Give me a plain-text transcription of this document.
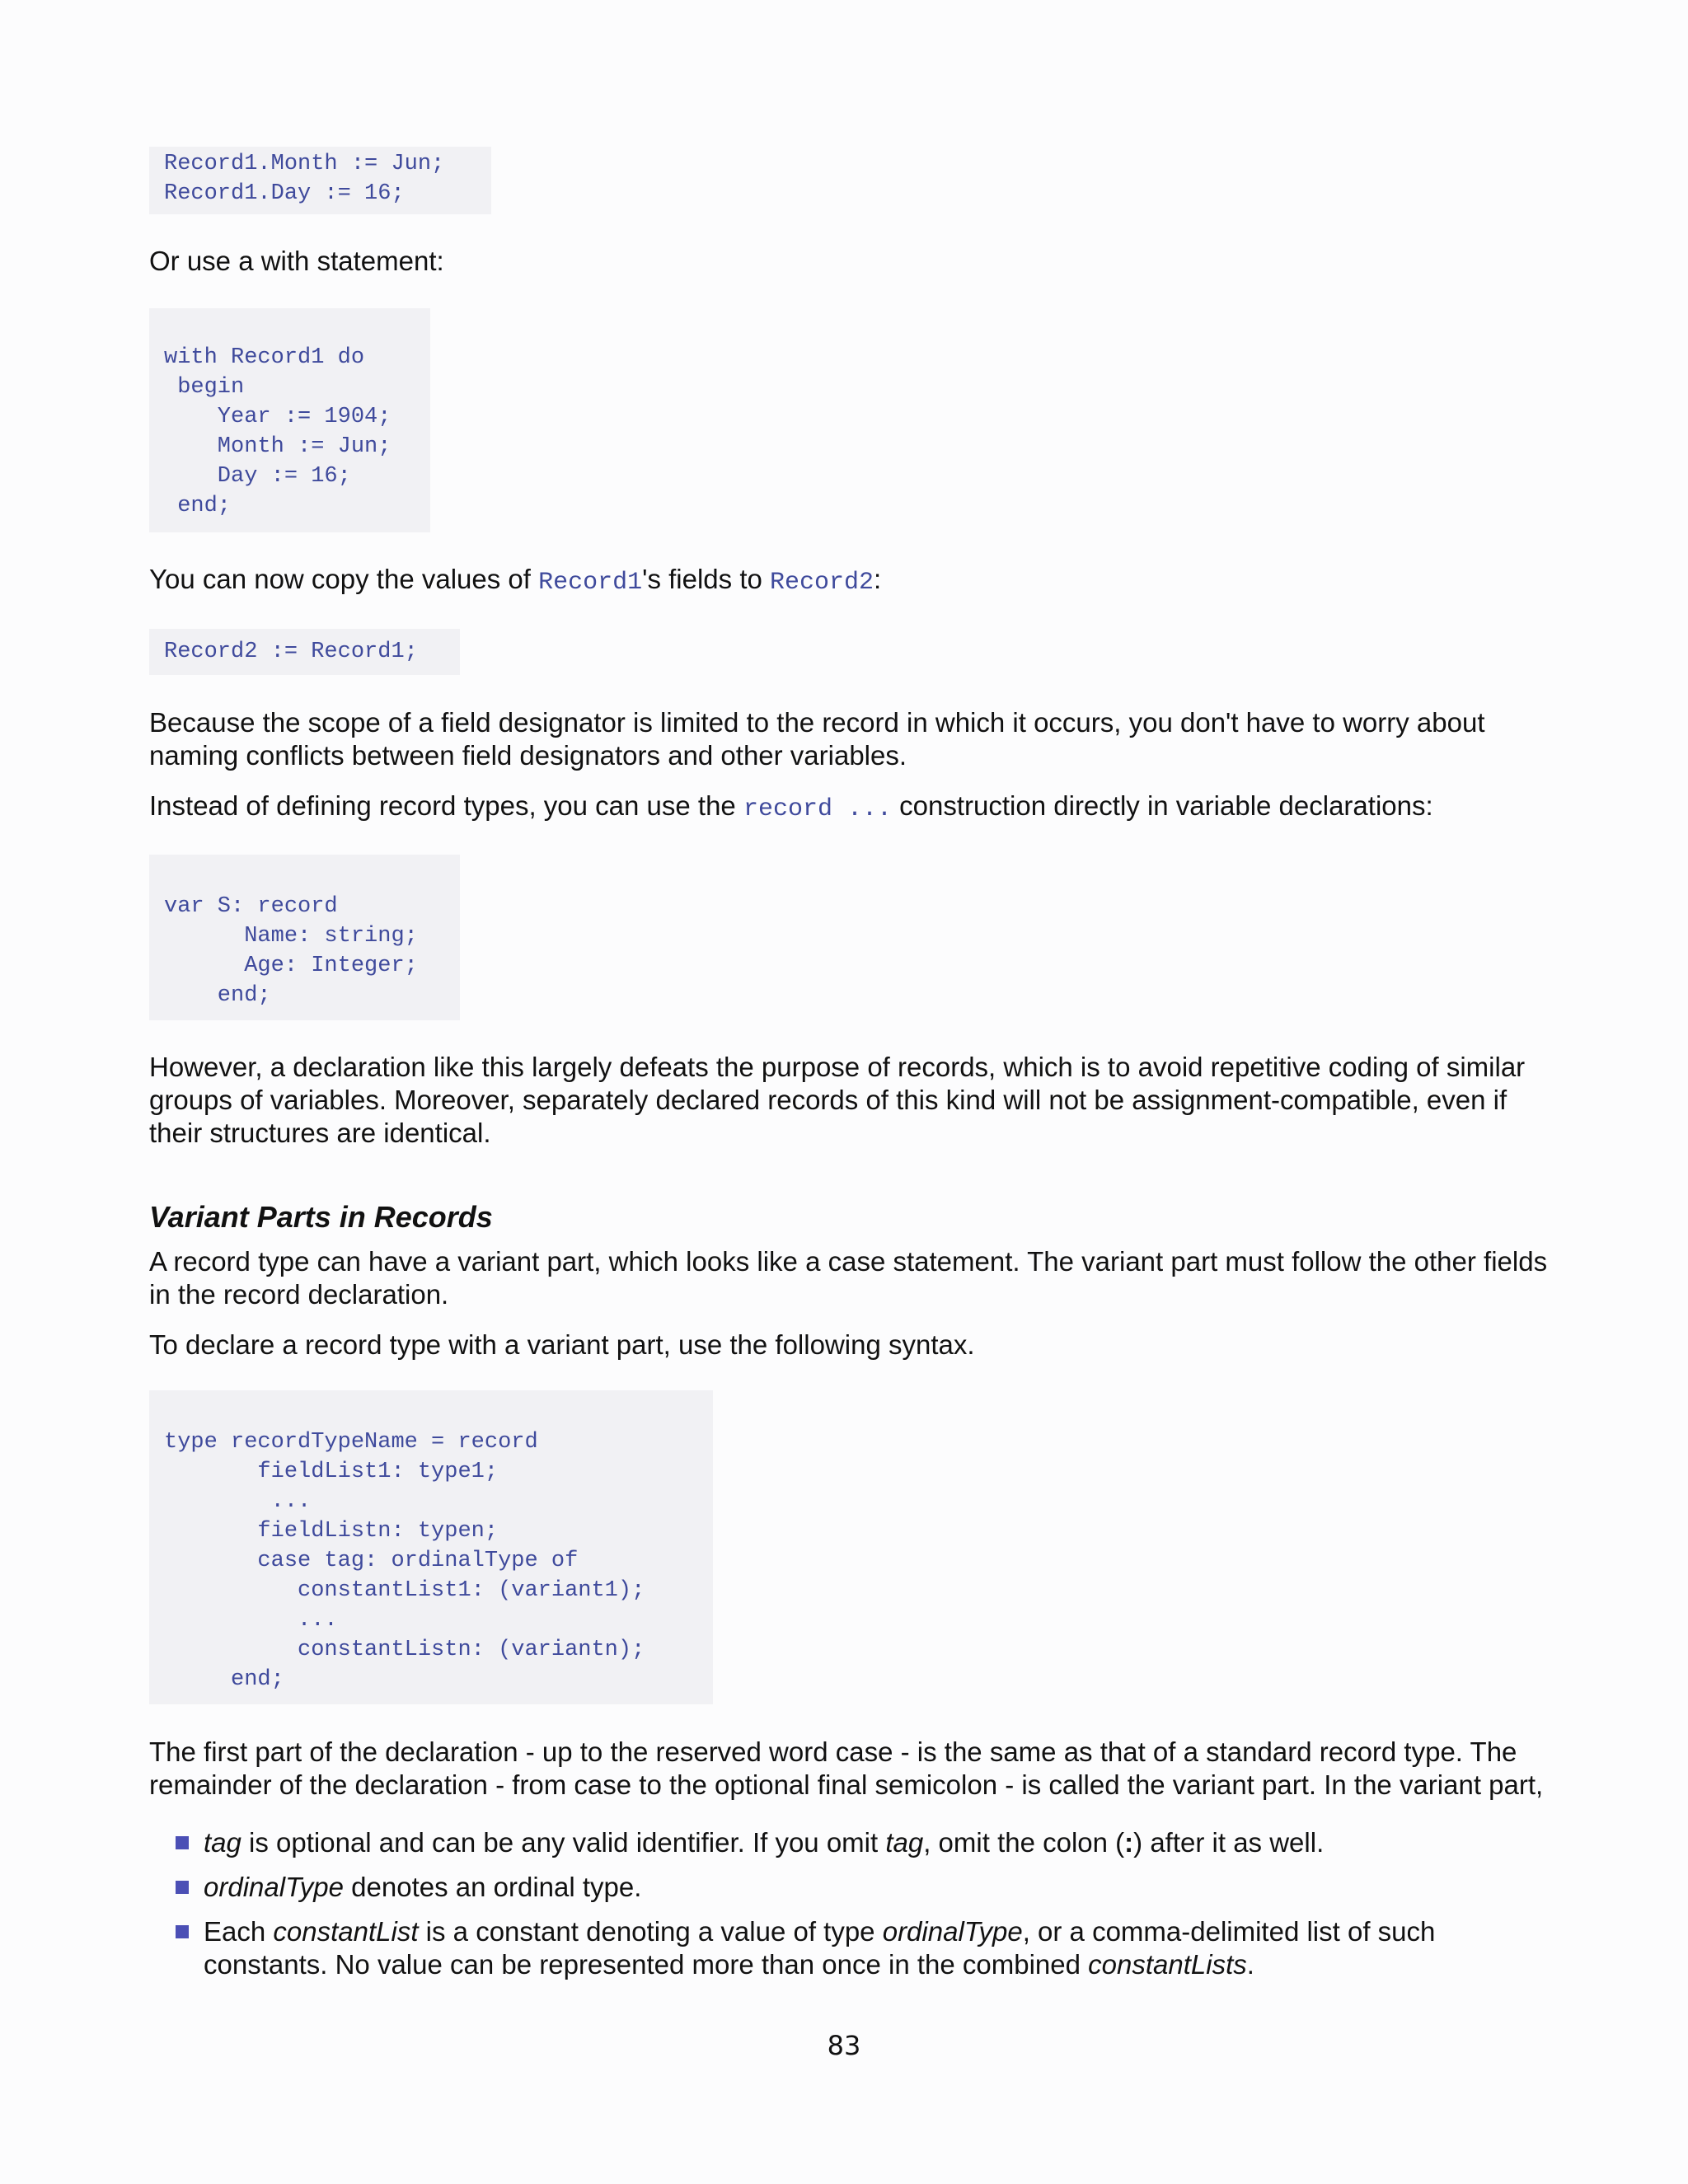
Record1.Month := Jun;
Record1.Day := 16;
Or use a with statement:
with Record1 do
begin
Year := 1904;
Month := Jun;
Day := 16;
end;
You can now copy the values of Record1's fields to Record2:
Record2 := Record1;
Because the scope of a field designator is limited to the record in which it occurs, you don't have to worry about naming conflicts between field designators and other variables.
Instead of defining record types, you can use the record ... construction directly in variable declarations:
var S: record
Name: string;
Age: Integer;
end;
However, a declaration like this largely defeats the purpose of records, which is to avoid repetitive coding of similar groups of variables. Moreover, separately declared records of this kind will not be assignment-compatible, even if their structures are identical.
Variant Parts in Records
A record type can have a variant part, which looks like a case statement. The variant part must follow the other fields in the record declaration.
To declare a record type with a variant part, use the following syntax.
type recordTypeName = record
fieldList1: type1;
...
fieldListn: typen;
case tag: ordinalType of
constantList1: (variant1);
...
constantListn: (variantn);
end;
The first part of the declaration - up to the reserved word case - is the same as that of a standard record type. The remainder of the declaration - from case to the optional final semicolon - is called the variant part. In the variant part,
tag is optional and can be any valid identifier. If you omit tag, omit the colon (:) after it as well.
ordinalType denotes an ordinal type.
Each constantList is a constant denoting a value of type ordinalType, or a comma-delimited list of such constants. No value can be represented more than once in the combined constantLists.
83
